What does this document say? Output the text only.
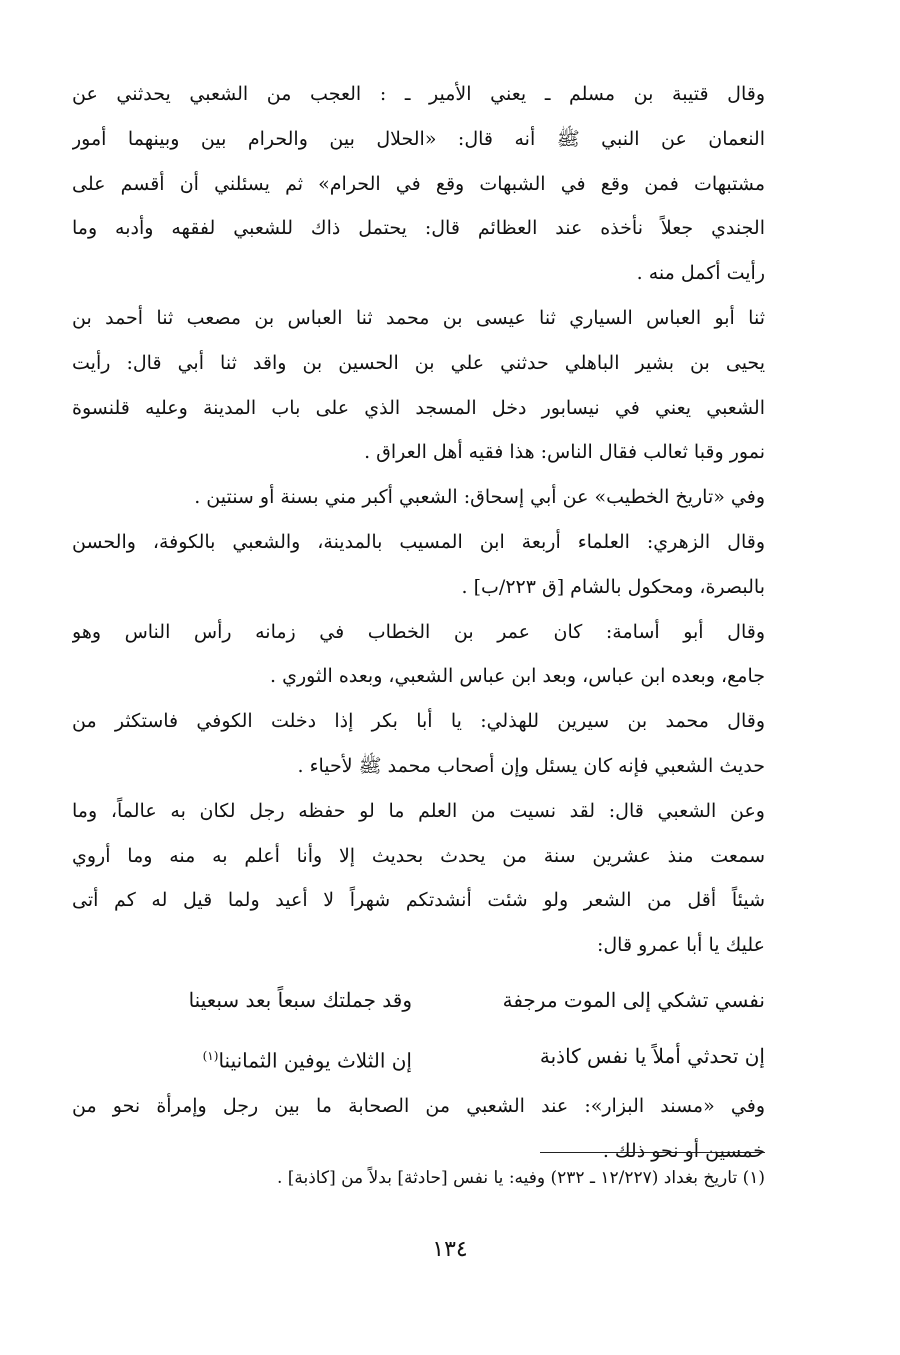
وقال قتيبة بن مسلم ـ يعني الأمير ـ : العجب من الشعبي يحدثني عن
النعمان عن النبي ﷺ أنه قال: «الحلال بين والحرام بين وبينهما أمور
مشتبهات فمن وقع في الشبهات وقع في الحرام» ثم يسئلني أن أقسم على
الجندي جعلاً نأخذه عند العظائم قال: يحتمل ذاك للشعبي لفقهه وأدبه وما
رأيت أكمل منه .
ثنا أبو العباس السياري ثنا عيسى بن محمد ثنا العباس بن مصعب ثنا أحمد بن
يحيى بن بشير الباهلي حدثني علي بن الحسين بن واقد ثنا أبي قال: رأيت
الشعبي يعني في نيسابور دخل المسجد الذي على باب المدينة وعليه قلنسوة
نمور وقبا ثعالب فقال الناس: هذا فقيه أهل العراق .
وفي «تاريخ الخطيب» عن أبي إسحاق: الشعبي أكبر مني بسنة أو سنتين .
وقال الزهري: العلماء أربعة ابن المسيب بالمدينة، والشعبي بالكوفة، والحسن
بالبصرة، ومحكول بالشام [ق ٢٢٣/ب] .
وقال أبو أسامة: كان عمر بن الخطاب في زمانه رأس الناس وهو
جامع، وبعده ابن عباس، وبعد ابن عباس الشعبي، وبعده الثوري .
وقال محمد بن سيرين للهذلي: يا أبا بكر إذا دخلت الكوفي فاستكثر من
حديث الشعبي فإنه كان يسئل وإن أصحاب محمد ﷺ لأحياء .
وعن الشعبي قال: لقد نسيت من العلم ما لو حفظه رجل لكان به عالماً، وما
سمعت منذ عشرين سنة من يحدث بحديث إلا وأنا أعلم به منه وما أروي
شيئاً أقل من الشعر ولو شئت أنشدتكم شهراً لا أعيد ولما قيل له كم أتى
عليك يا أبا عمرو قال:
نفسي تشكي إلى الموت مرجفة
وقد جملتك سبعاً بعد سبعينا
إن تحدثي أملاً يا نفس كاذبة
إن الثلاث يوفين الثمانينا$^{(١)}$
وفي «مسند البزار»: عند الشعبي من الصحابة ما بين رجل وإمرأة نحو من
خمسين أو نحو ذلك .
(١) تاريخ بغداد (١٢/٢٢٧ ـ ٢٣٢) وفيه: يا نفس [حادثة] بدلاً من [كاذبة] .
١٣٤
